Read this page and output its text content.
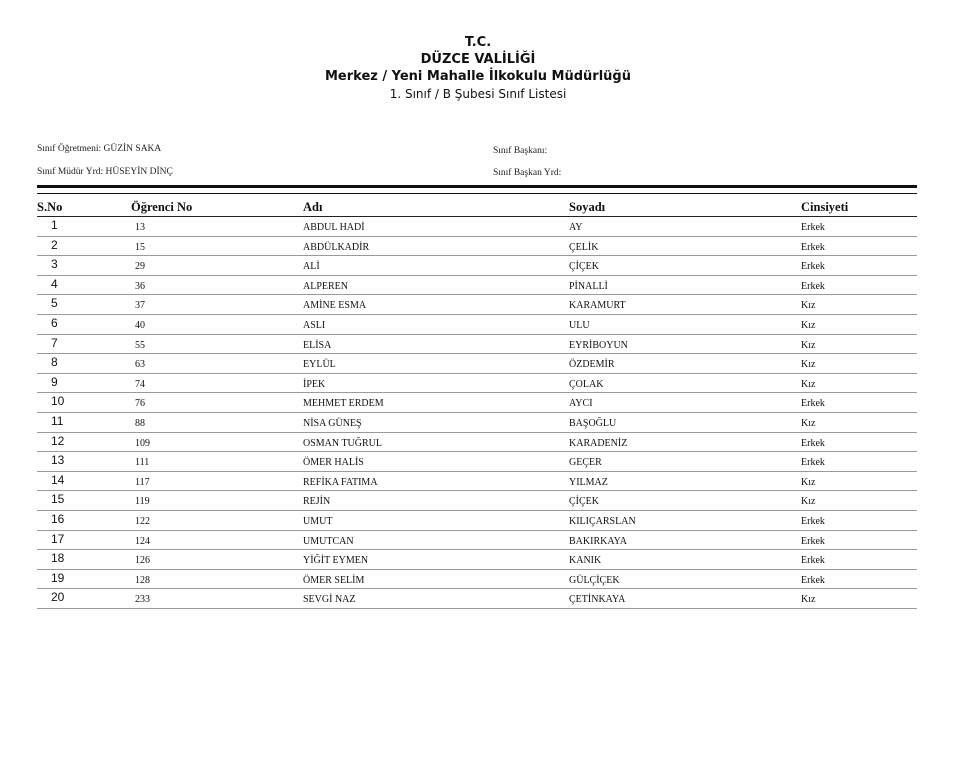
T.C.
DÜZCE VALİLİĞİ
Merkez / Yeni Mahalle İlkokulu Müdürlüğü
1. Sınıf / B Şubesi Sınıf Listesi
Sınıf Öğretmeni: GÜZİN SAKA
Sınıf Müdür Yrd: HÜSEYİN DİNÇ
Sınıf Başkanı:
Sınıf Başkan Yrd:
S.No	Öğrenci No	Adı	Soyadı	Cinsiyeti
1	13	ABDUL HADİ	AY	Erkek
2	15	ABDÜLKADİR	ÇELİK	Erkek
3	29	ALİ	ÇİÇEK	Erkek
4	36	ALPEREN	PİNALLİ	Erkek
5	37	AMİNE ESMA	KARAMURT	Kız
6	40	ASLI	ULU	Kız
7	55	ELİSA	EYRİBOYUN	Kız
8	63	EYLÜL	ÖZDEMİR	Kız
9	74	İPEK	ÇOLAK	Kız
10	76	MEHMET ERDEM	AYCI	Erkek
11	88	NİSA GÜNEŞ	BAŞOĞLU	Kız
12	109	OSMAN TUĞRUL	KARADENİZ	Erkek
13	111	ÖMER HALİS	GEÇER	Erkek
14	117	REFİKA FATIMA	YILMAZ	Kız
15	119	REJİN	ÇİÇEK	Kız
16	122	UMUT	KILIÇARSLAN	Erkek
17	124	UMUTCAN	BAKIRKAYA	Erkek
18	126	YİĞİT EYMEN	KANIK	Erkek
19	128	ÖMER SELİM	GÜLÇİÇEK	Erkek
20	233	SEVGİ NAZ	ÇETİNKAYA	Kız
